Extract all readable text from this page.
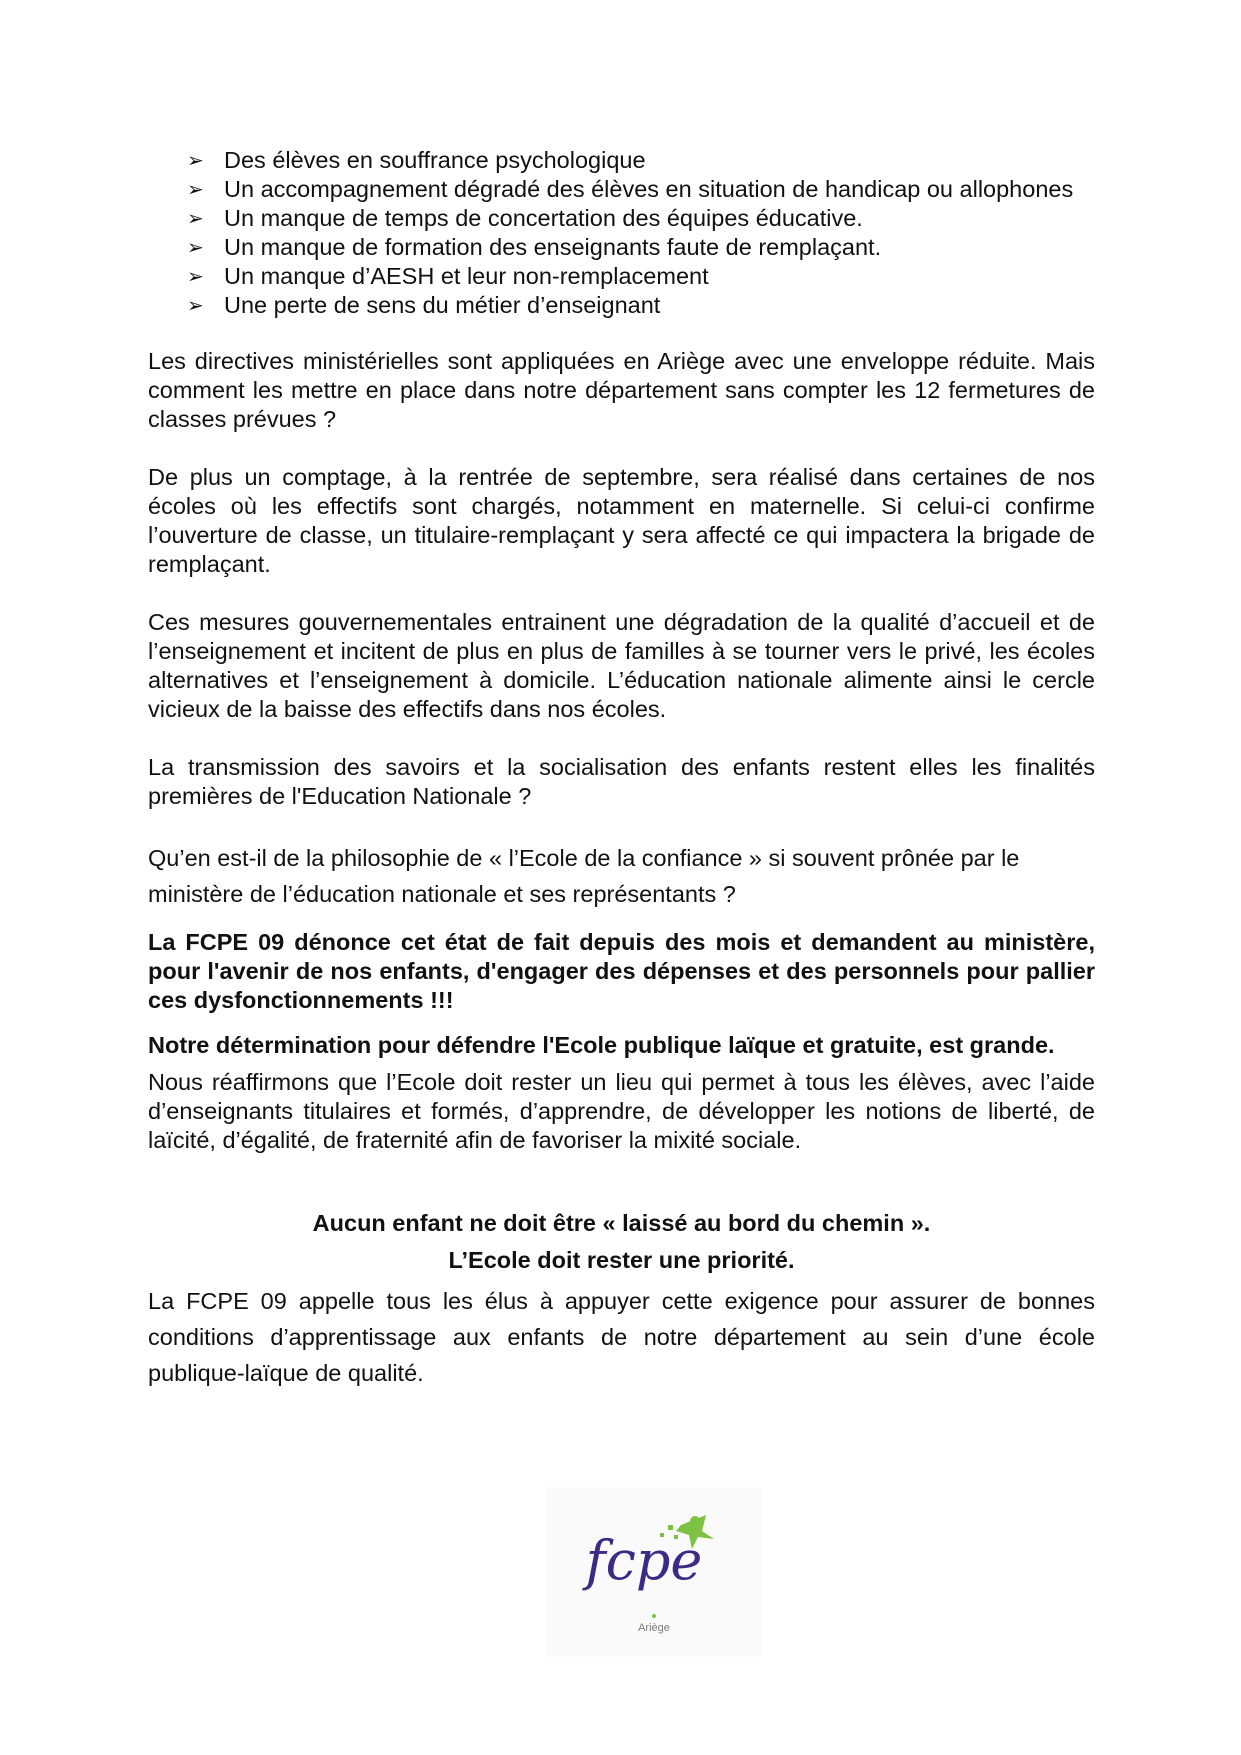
➢ Des élèves en souffrance psychologique
➢ Un accompagnement dégradé des élèves en situation de handicap ou allophones
➢ Un manque de temps de concertation des équipes éducative.
➢ Un manque de formation des enseignants faute de remplaçant.
➢ Un manque d’AESH et leur non-remplacement
➢ Une perte de sens du métier d’enseignant

Les directives ministérielles sont appliquées en Ariège avec une enveloppe réduite. Mais comment les mettre en place dans notre département sans compter les 12 fermetures de classes prévues ?

De plus un comptage, à la rentrée de septembre, sera réalisé dans certaines de nos écoles où les effectifs sont chargés, notamment en maternelle. Si celui-ci confirme l’ouverture de classe, un titulaire-remplaçant y sera affecté ce qui impactera la brigade de remplaçant.

Ces mesures gouvernementales entrainent une dégradation de la qualité d’accueil et de l’enseignement et incitent de plus en plus de familles à se tourner vers le privé, les écoles alternatives et l’enseignement à domicile. L’éducation nationale alimente ainsi le cercle vicieux de la baisse des effectifs dans nos écoles.

La transmission des savoirs et la socialisation des enfants restent elles les finalités premières de l'Education Nationale ?

Qu’en est-il de la philosophie de « l’Ecole de la confiance » si souvent prônée par le ministère de l’éducation nationale et ses représentants ?

La FCPE 09 dénonce cet état de fait depuis des mois et demandent au ministère, pour l'avenir de nos enfants, d'engager des dépenses et des personnels pour pallier ces dysfonctionnements !!!

Notre détermination pour défendre l'Ecole publique laïque et gratuite, est grande.

Nous réaffirmons que l’Ecole doit rester un lieu qui permet à tous les élèves, avec l’aide d’enseignants titulaires et formés, d’apprendre, de développer les notions de liberté, de laïcité, d’égalité, de fraternité afin de favoriser la mixité sociale.

Aucun enfant ne doit être « laissé au bord du chemin ».

L’Ecole doit rester une priorité.

La FCPE 09 appelle tous les élus à appuyer cette exigence pour assurer de bonnes conditions d’apprentissage aux enfants de notre département au sein d’une école publique-laïque de qualité.

fcpe
Ariège
